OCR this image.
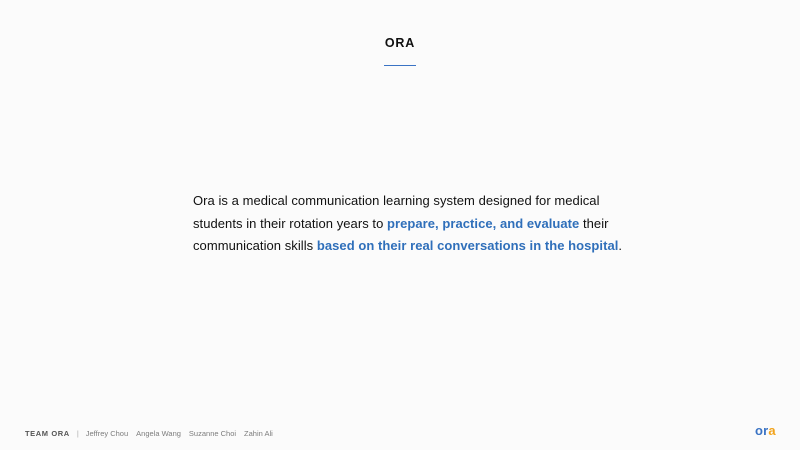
ORA
Ora is a medical communication learning system designed for medical
students in their rotation years to prepare, practice, and evaluate their
communication skills based on their real conversations in the hospital.
TEAM ORA | Jeffrey Chou Angela Wang Suzanne Choi Zahin Ali	ora
